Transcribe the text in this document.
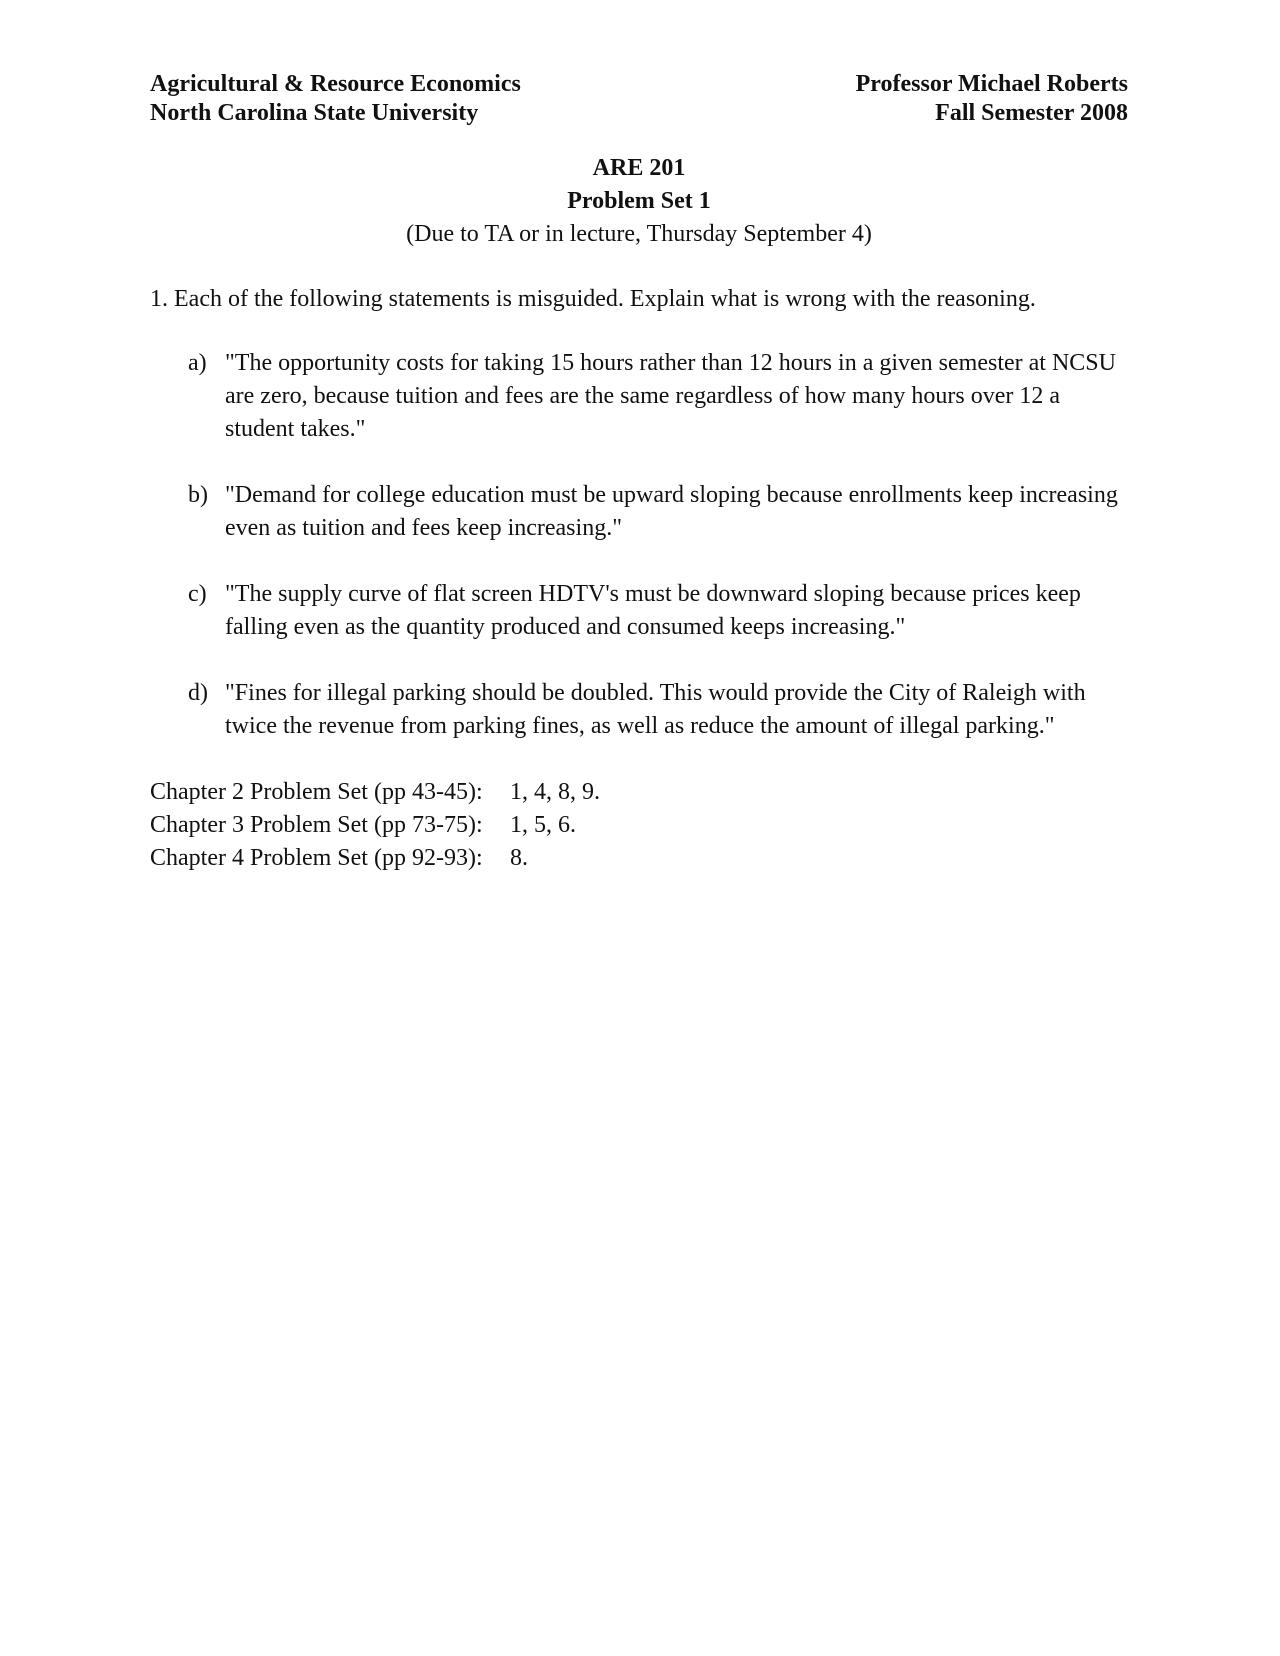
Agricultural & Resource Economics
North Carolina State University
Professor Michael Roberts
Fall Semester 2008
ARE 201
Problem Set 1
(Due to TA or in lecture, Thursday September 4)
1. Each of the following statements is misguided. Explain what is wrong with the reasoning.
a) "The opportunity costs for taking 15 hours rather than 12 hours in a given semester at NCSU are zero, because tuition and fees are the same regardless of how many hours over 12 a student takes."
b) "Demand for college education must be upward sloping because enrollments keep increasing even as tuition and fees keep increasing."
c) "The supply curve of flat screen HDTV's must be downward sloping because prices keep falling even as the quantity produced and consumed keeps increasing."
d) "Fines for illegal parking should be doubled. This would provide the City of Raleigh with twice the revenue from parking fines, as well as reduce the amount of illegal parking."
Chapter 2 Problem Set (pp 43-45):	1, 4, 8, 9.
Chapter 3 Problem Set (pp 73-75):	1, 5, 6.
Chapter 4 Problem Set (pp 92-93):	8.
